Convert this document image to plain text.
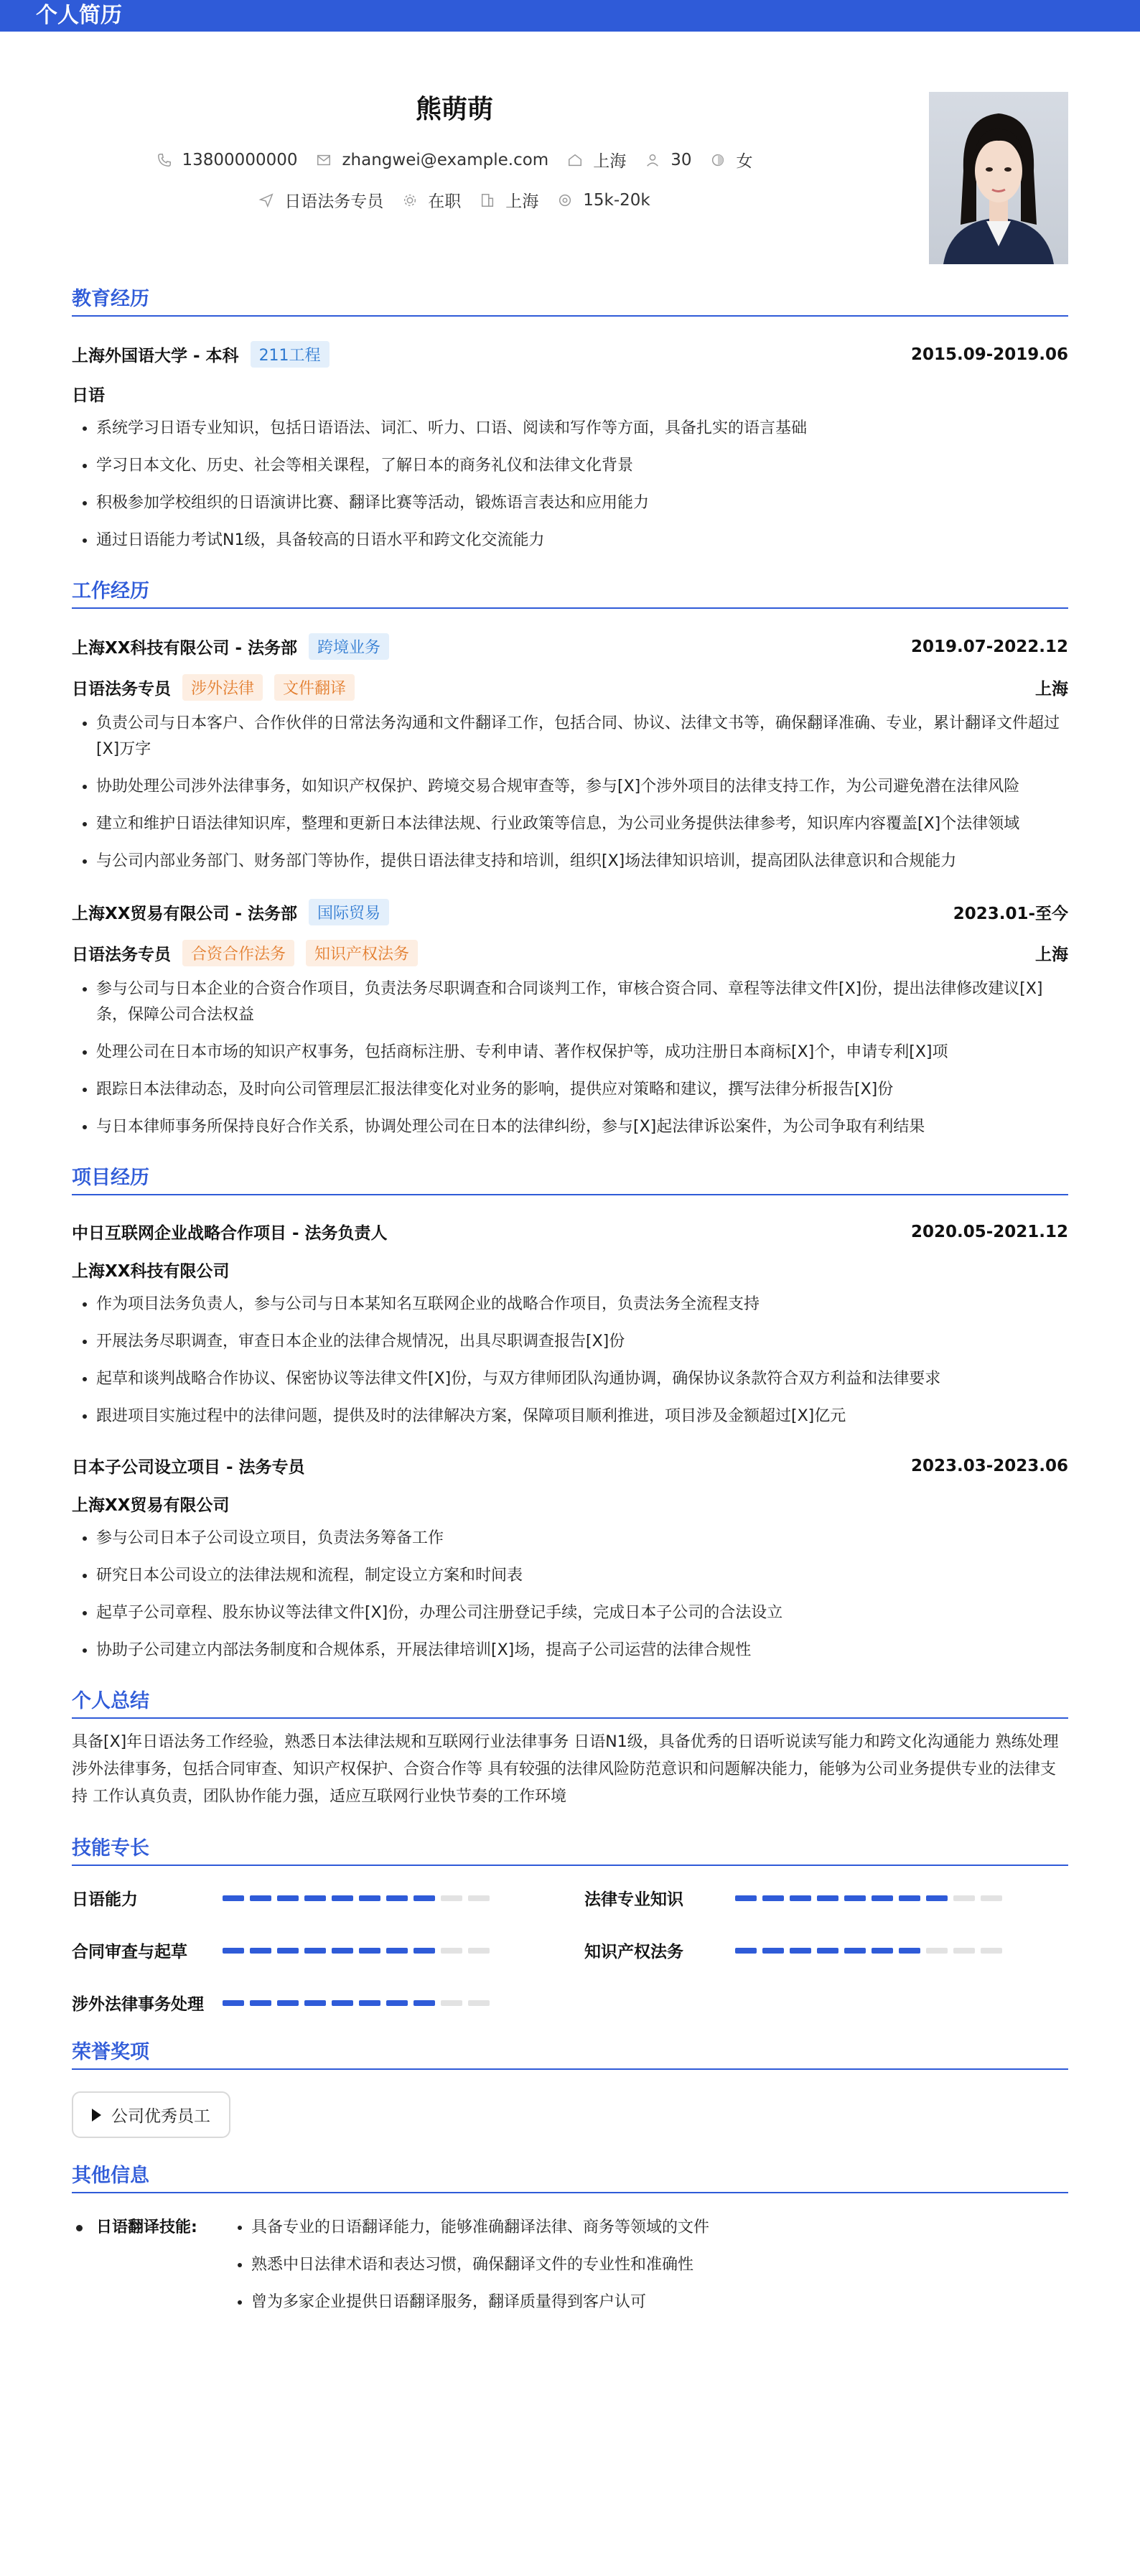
个人简历
熊萌萌
13800000000	zhangwei@example.com	上海	30	女
日语法务专员	在职	上海	15k-20k
教育经历
上海外国语大学 - 本科	211工程	2015.09-2019.06
日语
• 系统学习日语专业知识，包括日语语法、词汇、听力、口语、阅读和写作等方面，具备扎实的语言基础
• 学习日本文化、历史、社会等相关课程，了解日本的商务礼仪和法律文化背景
• 积极参加学校组织的日语演讲比赛、翻译比赛等活动，锻炼语言表达和应用能力
• 通过日语能力考试N1级，具备较高的日语水平和跨文化交流能力
工作经历
上海XX科技有限公司 - 法务部	跨境业务	2019.07-2022.12
日语法务专员	涉外法律	文件翻译	上海
• 负责公司与日本客户、合作伙伴的日常法务沟通和文件翻译工作，包括合同、协议、法律文书等，确保翻译准确、专业，累计翻译文件超过[X]万字
• 协助处理公司涉外法律事务，如知识产权保护、跨境交易合规审查等，参与[X]个涉外项目的法律支持工作，为公司避免潜在法律风险
• 建立和维护日语法律知识库，整理和更新日本法律法规、行业政策等信息，为公司业务提供法律参考，知识库内容覆盖[X]个法律领域
• 与公司内部业务部门、财务部门等协作，提供日语法律支持和培训，组织[X]场法律知识培训，提高团队法律意识和合规能力
上海XX贸易有限公司 - 法务部	国际贸易	2023.01-至今
日语法务专员	合资合作法务	知识产权法务	上海
• 参与公司与日本企业的合资合作项目，负责法务尽职调查和合同谈判工作，审核合资合同、章程等法律文件[X]份，提出法律修改建议[X]条，保障公司合法权益
• 处理公司在日本市场的知识产权事务，包括商标注册、专利申请、著作权保护等，成功注册日本商标[X]个，申请专利[X]项
• 跟踪日本法律动态，及时向公司管理层汇报法律变化对业务的影响，提供应对策略和建议，撰写法律分析报告[X]份
• 与日本律师事务所保持良好合作关系，协调处理公司在日本的法律纠纷，参与[X]起法律诉讼案件，为公司争取有利结果
项目经历
中日互联网企业战略合作项目 - 法务负责人	2020.05-2021.12
上海XX科技有限公司
• 作为项目法务负责人，参与公司与日本某知名互联网企业的战略合作项目，负责法务全流程支持
• 开展法务尽职调查，审查日本企业的法律合规情况，出具尽职调查报告[X]份
• 起草和谈判战略合作协议、保密协议等法律文件[X]份，与双方律师团队沟通协调，确保协议条款符合双方利益和法律要求
• 跟进项目实施过程中的法律问题，提供及时的法律解决方案，保障项目顺利推进，项目涉及金额超过[X]亿元
日本子公司设立项目 - 法务专员	2023.03-2023.06
上海XX贸易有限公司
• 参与公司日本子公司设立项目，负责法务筹备工作
• 研究日本公司设立的法律法规和流程，制定设立方案和时间表
• 起草子公司章程、股东协议等法律文件[X]份，办理公司注册登记手续，完成日本子公司的合法设立
• 协助子公司建立内部法务制度和合规体系，开展法律培训[X]场，提高子公司运营的法律合规性
个人总结
具备[X]年日语法务工作经验，熟悉日本法律法规和互联网行业法律事务 日语N1级，具备优秀的日语听说读写能力和跨文化沟通能力 熟练处理涉外法律事务，包括合同审查、知识产权保护、合资合作等 具有较强的法律风险防范意识和问题解决能力，能够为公司业务提供专业的法律支持 工作认真负责，团队协作能力强，适应互联网行业快节奏的工作环境
技能专长
日语能力	法律专业知识
合同审查与起草	知识产权法务
涉外法律事务处理
荣誉奖项
公司优秀员工
其他信息
日语翻译技能:
•	具备专业的日语翻译能力，能够准确翻译法律、商务等领域的文件
• 熟悉中日法律术语和表达习惯，确保翻译文件的专业性和准确性
• 曾为多家企业提供日语翻译服务，翻译质量得到客户认可
